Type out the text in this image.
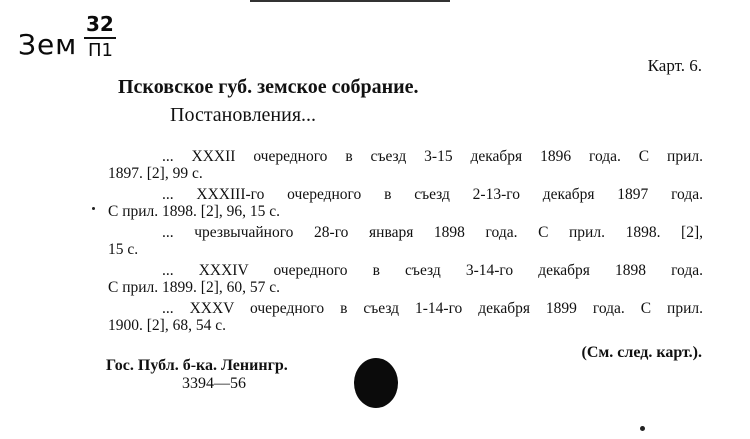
Зем
32
П1
Карт. 6.
Псковское губ. земское собрание.
Постановления...
... XXXII очередного в съезд 3-15 декабря 1896 года. С прил.
1897. [2], 99 с.
... XXXIII-го очередного в съезд 2-13-го декабря 1897 года.
С прил. 1898. [2], 96, 15 с.
... чрезвычайного 28-го января 1898 года. С прил. 1898. [2],
15 с.
... XXXIV очередного в съезд 3-14-го декабря 1898 года.
С прил. 1899. [2], 60, 57 с.
... XXXV очередного в съезд 1-14-го декабря 1899 года. С прил.
1900. [2], 68, 54 с.
Гос. Публ. б-ка. Ленингр.
3394—56
(См. след. карт.).
